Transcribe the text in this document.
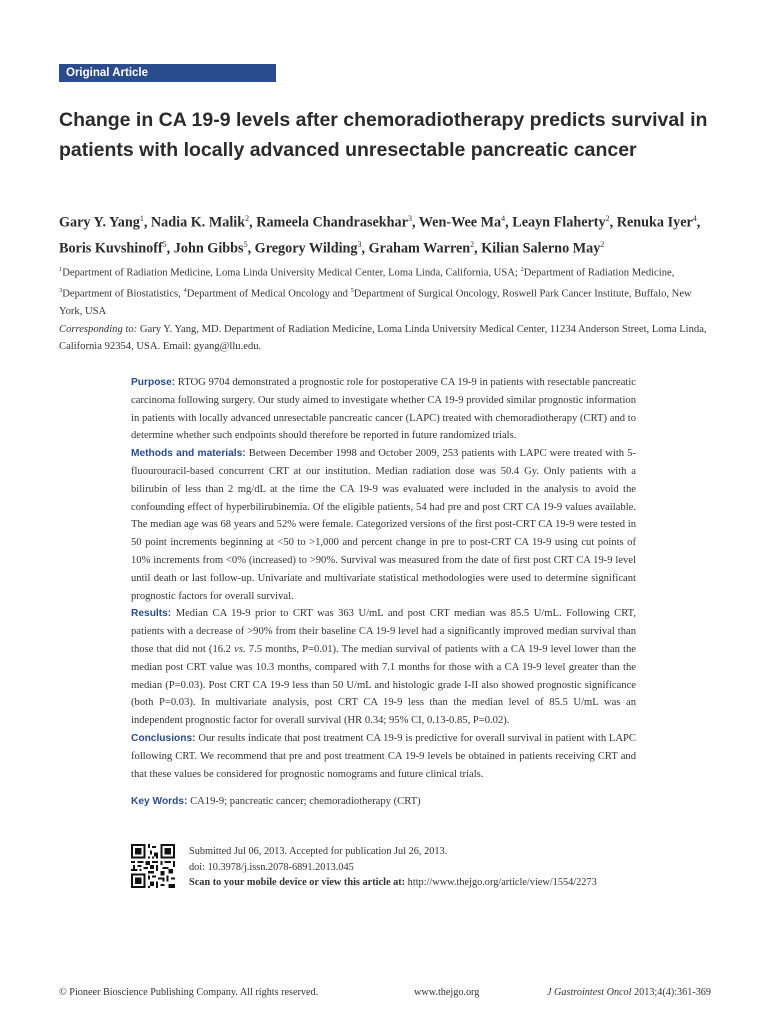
Original Article
Change in CA 19-9 levels after chemoradiotherapy predicts survival in patients with locally advanced unresectable pancreatic cancer
Gary Y. Yang$^1$, Nadia K. Malik$^2$, Rameela Chandrasekhar$^3$, Wen-Wee Ma$^4$, Leayn Flaherty$^2$, Renuka Iyer$^4$, Boris Kuvshinoff$^5$, John Gibbs$^5$, Gregory Wilding$^3$, Graham Warren$^2$, Kilian Salerno May$^2$
$^1$Department of Radiation Medicine, Loma Linda University Medical Center, Loma Linda, California, USA; $^2$Department of Radiation Medicine, $^3$Department of Biostatistics, $^4$Department of Medical Oncology and $^5$Department of Surgical Oncology, Roswell Park Cancer Institute, Buffalo, New York, USA
Corresponding to: Gary Y. Yang, MD. Department of Radiation Medicine, Loma Linda University Medical Center, 11234 Anderson Street, Loma Linda, California 92354, USA. Email: gyang@llu.edu.

Purpose: RTOG 9704 demonstrated a prognostic role for postoperative CA 19-9 in patients with resectable pancreatic carcinoma following surgery. Our study aimed to investigate whether CA 19-9 provided similar prognostic information in patients with locally advanced unresectable pancreatic cancer (LAPC) treated with chemoradiotherapy (CRT) and to determine whether such endpoints should therefore be reported in future randomized trials.

Methods and materials: Between December 1998 and October 2009, 253 patients with LAPC were treated with 5-fluourouracil-based concurrent CRT at our institution. Median radiation dose was 50.4 Gy. Only patients with a bilirubin of less than 2 mg/dL at the time the CA 19-9 was evaluated were included in the analysis to avoid the confounding effect of hyperbilirubinemia. Of the eligible patients, 54 had pre and post CRT CA 19-9 values available. The median age was 68 years and 52% were female. Categorized versions of the first post-CRT CA 19-9 were tested in 50 point increments beginning at <50 to >1,000 and percent change in pre to post-CRT CA 19-9 using cut points of 10% increments from <0% (increased) to >90%. Survival was measured from the date of first post CRT CA 19-9 level until death or last follow-up. Univariate and multivariate statistical methodologies were used to determine significant prognostic factors for overall survival.

Results: Median CA 19-9 prior to CRT was 363 U/mL and post CRT median was 85.5 U/mL. Following CRT, patients with a decrease of >90% from their baseline CA 19-9 level had a significantly improved median survival than those that did not (16.2 vs. 7.5 months, P=0.01). The median survival of patients with a CA 19-9 level lower than the median post CRT value was 10.3 months, compared with 7.1 months for those with a CA 19-9 level greater than the median (P=0.03). Post CRT CA 19-9 less than 50 U/mL and histologic grade I-II also showed prognostic significance (both P=0.03). In multivariate analysis, post CRT CA 19-9 less than the median level of 85.5 U/mL was an independent prognostic factor for overall survival (HR 0.34; 95% CI, 0.13-0.85, P=0.02).

Conclusions: Our results indicate that post treatment CA 19-9 is predictive for overall survival in patient with LAPC following CRT. We recommend that pre and post treatment CA 19-9 levels be obtained in patients receiving CRT and that these values be considered for prognostic nomograms and future clinical trials.

Key Words: CA19-9; pancreatic cancer; chemoradiotherapy (CRT)

Submitted Jul 06, 2013. Accepted for publication Jul 26, 2013.
doi: 10.3978/j.issn.2078-6891.2013.045
Scan to your mobile device or view this article at: http://www.thejgo.org/article/view/1554/2273
© Pioneer Bioscience Publishing Company. All rights reserved.	www.thejgo.org	J Gastrointest Oncol 2013;4(4):361-369
